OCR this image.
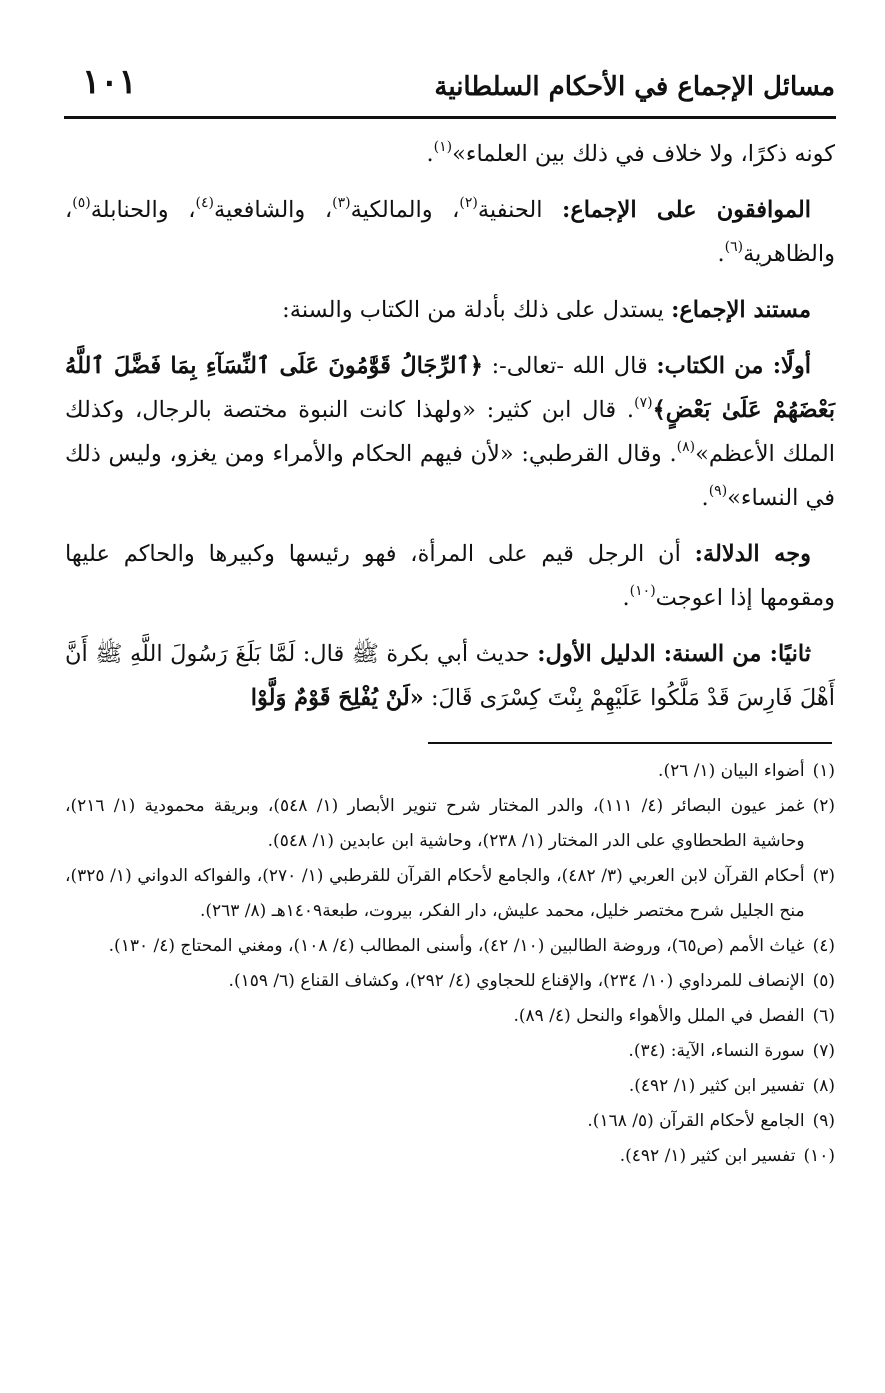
مسائل الإجماع في الأحكام السلطانية
١٠١

كونه ذكرًا، ولا خلاف في ذلك بين العلماء»$^{(١)}$.

الموافقون على الإجماع: الحنفية$^{(٢)}$، والمالكية$^{(٣)}$، والشافعية$^{(٤)}$، والحنابلة$^{(٥)}$، والظاهرية$^{(٦)}$.

مستند الإجماع: يستدل على ذلك بأدلة من الكتاب والسنة:

أولًا: من الكتاب: قال الله -تعالى-: ﴿ٱلرِّجَالُ قَوَّٰمُونَ عَلَى ٱلنِّسَآءِ بِمَا فَضَّلَ ٱللَّهُ بَعْضَهُمْ عَلَىٰ بَعْضٍ﴾$^{(٧)}$. قال ابن كثير: «ولهذا كانت النبوة مختصة بالرجال، وكذلك الملك الأعظم»$^{(٨)}$. وقال القرطبي: «لأن فيهم الحكام والأمراء ومن يغزو، وليس ذلك في النساء»$^{(٩)}$.

وجه الدلالة: أن الرجل قيم على المرأة، فهو رئيسها وكبيرها والحاكم عليها ومقومها إذا اعوجت$^{(١٠)}$.

ثانيًا: من السنة: الدليل الأول: حديث أبي بكرة ﷺ قال: لَمَّا بَلَغَ رَسُولَ اللَّهِ ﷺ أَنَّ أَهْلَ فَارِسَ قَدْ مَلَّكُوا عَلَيْهِمْ بِنْتَ كِسْرَى قَالَ: «لَنْ يُفْلِحَ قَوْمٌ وَلَّوْا

(١)
أضواء البيان (١/ ٢٦).
(٢)
غمز عيون البصائر (٤/ ١١١)، والدر المختار شرح تنوير الأبصار (١/ ٥٤٨)، وبريقة محمودية (١/ ٢١٦)، وحاشية الطحطاوي على الدر المختار (١/ ٢٣٨)، وحاشية ابن عابدين (١/ ٥٤٨).
(٣)
أحكام القرآن لابن العربي (٣/ ٤٨٢)، والجامع لأحكام القرآن للقرطبي (١/ ٢٧٠)، والفواكه الدواني (١/ ٣٢٥)، منح الجليل شرح مختصر خليل، محمد عليش، دار الفكر، بيروت، طبعة١٤٠٩هـ (٨/ ٢٦٣).
(٤)
غياث الأمم (ص٦٥)، وروضة الطالبين (١٠/ ٤٢)، وأسنى المطالب (٤/ ١٠٨)، ومغني المحتاج (٤/ ١٣٠).
(٥)
الإنصاف للمرداوي (١٠/ ٢٣٤)، والإقناع للحجاوي (٤/ ٢٩٢)، وكشاف القناع (٦/ ١٥٩).
(٦)
الفصل في الملل والأهواء والنحل (٤/ ٨٩).
(٧)
سورة النساء، الآية: (٣٤).
(٨)
تفسير ابن كثير (١/ ٤٩٢).
(٩)
الجامع لأحكام القرآن (٥/ ١٦٨).
(١٠)
تفسير ابن كثير (١/ ٤٩٢).
